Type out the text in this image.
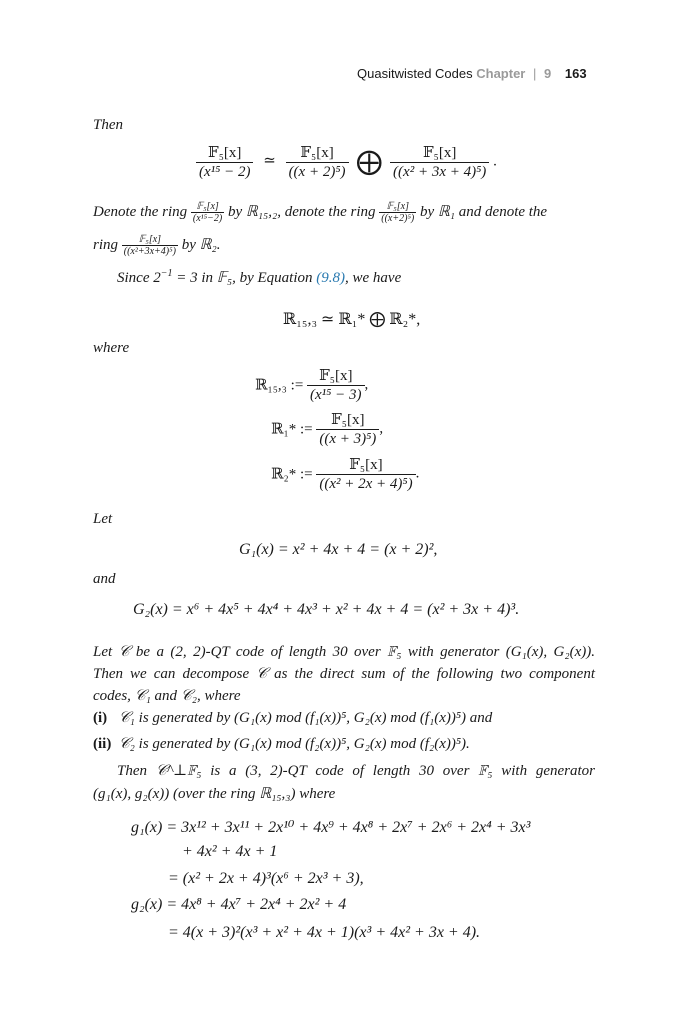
Quasitwisted Codes Chapter | 9 163
Then
$\frac{\text{𝔽₅[x]}}{\text{(x¹⁵ − 2)}}$ ≃ $\frac{\text{𝔽₅[x]}}{\text{((x + 2)⁵)}}$ ⨁ $\frac{\text{𝔽₅[x]}}{\text{((x² + 3x + 4)⁵)}}$ .
Denote the ring $\frac{\text{𝔽₅[x]}}{\text{(x¹⁵−2)}}$ by ℝ₁₅,₂, denote the ring $\frac{\text{𝔽₅[x]}}{\text{((x+2)⁵)}}$ by ℝ₁ and denote the
ring $\frac{\text{𝔽₅[x]}}{\text{((x²+3x+4)⁵)}}$ by ℝ₂.
Since $2^{-1} = 3$ in 𝔽₅, by Equation (9.8), we have
ℝ₁₅,₃ ≃ ℝ₁* ⨁ ℝ₂*,
where
ℝ₁₅,₃ := $\frac{\text{𝔽₅[x]}}{\text{(x¹⁵ − 3)}}$ ,
ℝ₁* := $\frac{\text{𝔽₅[x]}}{\text{((x + 3)⁵)}}$ ,
ℝ₂* := $\frac{\text{𝔽₅[x]}}{\text{((x² + 2x + 4)⁵)}}$ .
Let
G₁(x) = x² + 4x + 4 = (x + 2)²,
and
G₂(x) = x⁶ + 4x⁵ + 4x⁴ + 4x³ + x² + 4x + 4 = (x² + 3x + 4)³.
Let 𝒞 be a (2, 2)-QT code of length 30 over 𝔽₅ with generator (G₁(x), G₂(x)).
Then we can decompose 𝒞 as the direct sum of the following two component
codes, 𝒞₁ and 𝒞₂, where
(i) 𝒞₁ is generated by (G₁(x) mod (f₁(x))⁵, G₂(x) mod (f₁(x))⁵) and
(ii) 𝒞₂ is generated by (G₁(x) mod (f₂(x))⁵, G₂(x) mod (f₂(x))⁵).
Then 𝒞^⊥𝔽₅ is a (3, 2)-QT code of length 30 over 𝔽₅ with generator
(g₁(x), g₂(x)) (over the ring ℝ₁₅,₃) where
g₁(x) = 3x¹² + 3x¹¹ + 2x¹⁰ + 4x⁹ + 4x⁸ + 2x⁷ + 2x⁶ + 2x⁴ + 3x³
+ 4x² + 4x + 1
= (x² + 2x + 4)³(x⁶ + 2x³ + 3),
g₂(x) = 4x⁸ + 4x⁷ + 2x⁴ + 2x² + 4
= 4(x + 3)²(x³ + x² + 4x + 1)(x³ + 4x² + 3x + 4).
